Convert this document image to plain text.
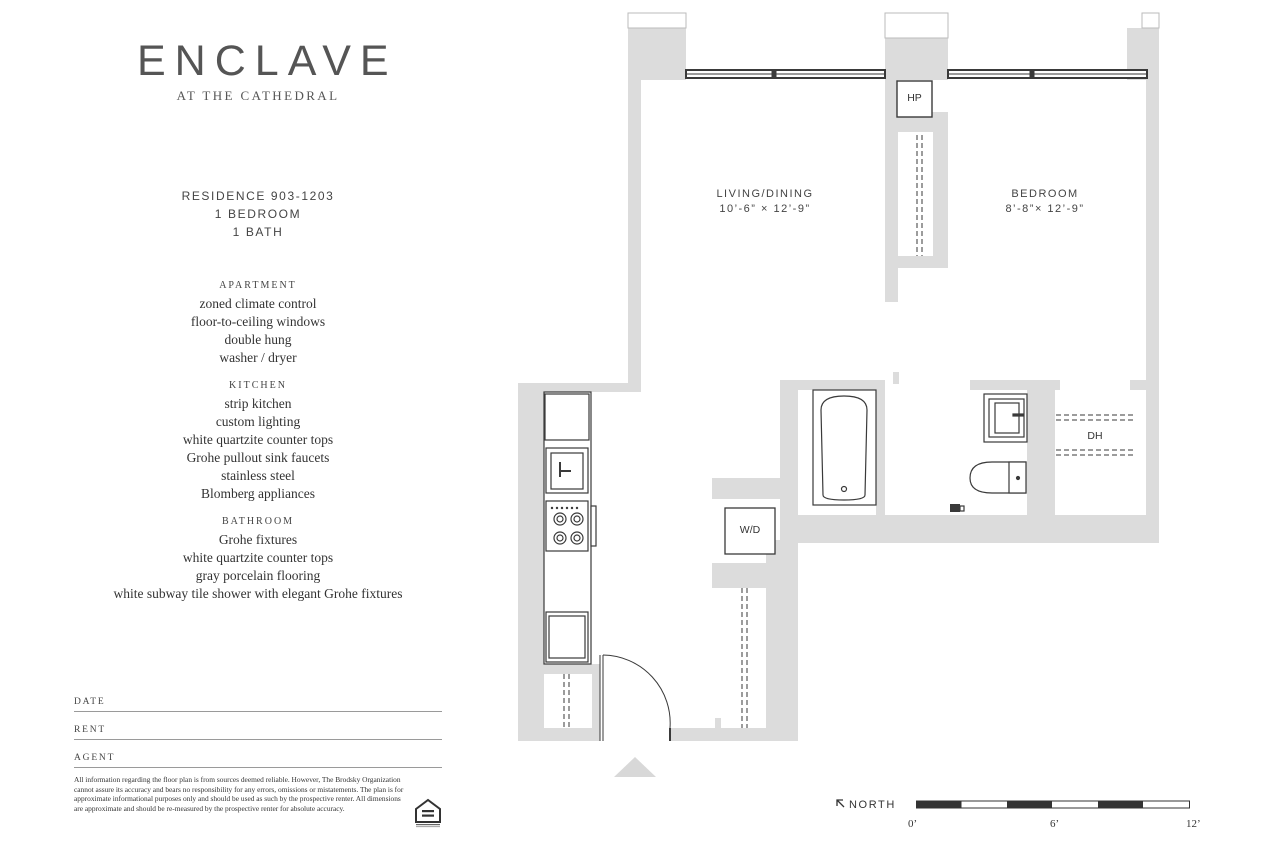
ENCLAVE
AT THE CATHEDRAL
RESIDENCE 903-1203
1 BEDROOM
1 BATH
APARTMENT
zoned climate control
floor-to-ceiling windows
double hung
washer / dryer
KITCHEN
strip kitchen
custom lighting
white quartzite counter tops
Grohe pullout sink faucets
stainless steel
Blomberg appliances
BATHROOM
Grohe fixtures
white quartzite counter tops
gray porcelain flooring
white subway tile shower with elegant Grohe fixtures
DATE
RENT
AGENT
All information regarding the floor plan is from sources deemed reliable. However, The Brodsky Organization cannot assure its accuracy and bears no responsibility for any errors, omissions or mistatements. The plan is for approximate informational purposes only and should be used as such by the prospective renter. All dimensions are approximate and should be re-measured by the prospective renter for absolute accuracy.
LIVING/DINING
10’-6” × 12’-9”
BEDROOM
8’-8”× 12’-9”
HP
W/D
DH
NORTH
0’	6’	12’
